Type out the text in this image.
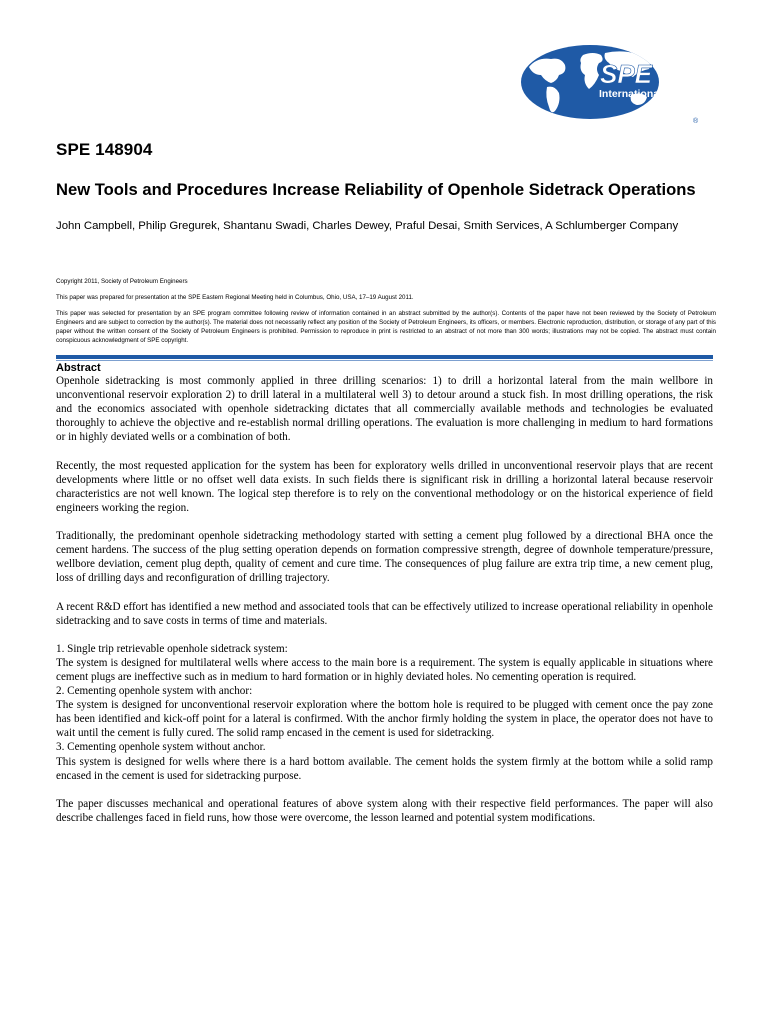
SPE
International
®
SPE 148904
New Tools and Procedures Increase Reliability of Openhole Sidetrack Operations
John Campbell, Philip Gregurek, Shantanu Swadi, Charles Dewey, Praful Desai, Smith Services, A Schlumberger Company

Copyright 2011, Society of Petroleum Engineers

This paper was prepared for presentation at the SPE Eastern Regional Meeting held in Columbus, Ohio, USA, 17–19 August 2011.

This paper was selected for presentation by an SPE program committee following review of information contained in an abstract submitted by the author(s). Contents of the paper have not been reviewed by the Society of Petroleum Engineers and are subject to correction by the author(s). The material does not necessarily reflect any position of the Society of Petroleum Engineers, its officers, or members. Electronic reproduction, distribution, or storage of any part of this paper without the written consent of the Society of Petroleum Engineers is prohibited. Permission to reproduce in print is restricted to an abstract of not more than 300 words; illustrations may not be copied. The abstract must contain conspicuous acknowledgment of SPE copyright.

Abstract

Openhole sidetracking is most commonly applied in three drilling scenarios: 1) to drill a horizontal lateral from the main wellbore in unconventional reservoir exploration 2) to drill lateral in a multilateral well 3) to detour around a stuck fish. In most drilling operations, the risk and the economics associated with openhole sidetracking dictates that all commercially available methods and technologies be evaluated thoroughly to achieve the objective and re-establish normal drilling operations. The evaluation is more challenging in medium to hard formations or in highly deviated wells or a combination of both.

Recently, the most requested application for the system has been for exploratory wells drilled in unconventional reservoir plays that are recent developments where little or no offset well data exists. In such fields there is significant risk in drilling a horizontal lateral because reservoir characteristics are not well known. The logical step therefore is to rely on the conventional methodology or on the historical experience of field engineers working the region.

Traditionally, the predominant openhole sidetracking methodology started with setting a cement plug followed by a directional BHA once the cement hardens. The success of the plug setting operation depends on formation compressive strength, degree of downhole temperature/pressure, wellbore deviation, cement plug depth, quality of cement and cure time. The consequences of plug failure are extra trip time, a new cement plug, loss of drilling days and reconfiguration of drilling trajectory.

A recent R&D effort has identified a new method and associated tools that can be effectively utilized to increase operational reliability in openhole sidetracking and to save costs in terms of time and materials.

1. Single trip retrievable openhole sidetrack system:

The system is designed for multilateral wells where access to the main bore is a requirement. The system is equally applicable in situations where cement plugs are ineffective such as in medium to hard formation or in highly deviated holes. No cementing operation is required.

2. Cementing openhole system with anchor:

The system is designed for unconventional reservoir exploration where the bottom hole is required to be plugged with cement once the pay zone has been identified and kick-off point for a lateral is confirmed. With the anchor firmly holding the system in place, the operator does not have to wait until the cement is fully cured. The solid ramp encased in the cement is used for sidetracking.

3. Cementing openhole system without anchor.

This system is designed for wells where there is a hard bottom available. The cement holds the system firmly at the bottom while a solid ramp encased in the cement is used for sidetracking purpose.

The paper discusses mechanical and operational features of above system along with their respective field performances. The paper will also describe challenges faced in field runs, how those were overcome, the lesson learned and potential system modifications.
